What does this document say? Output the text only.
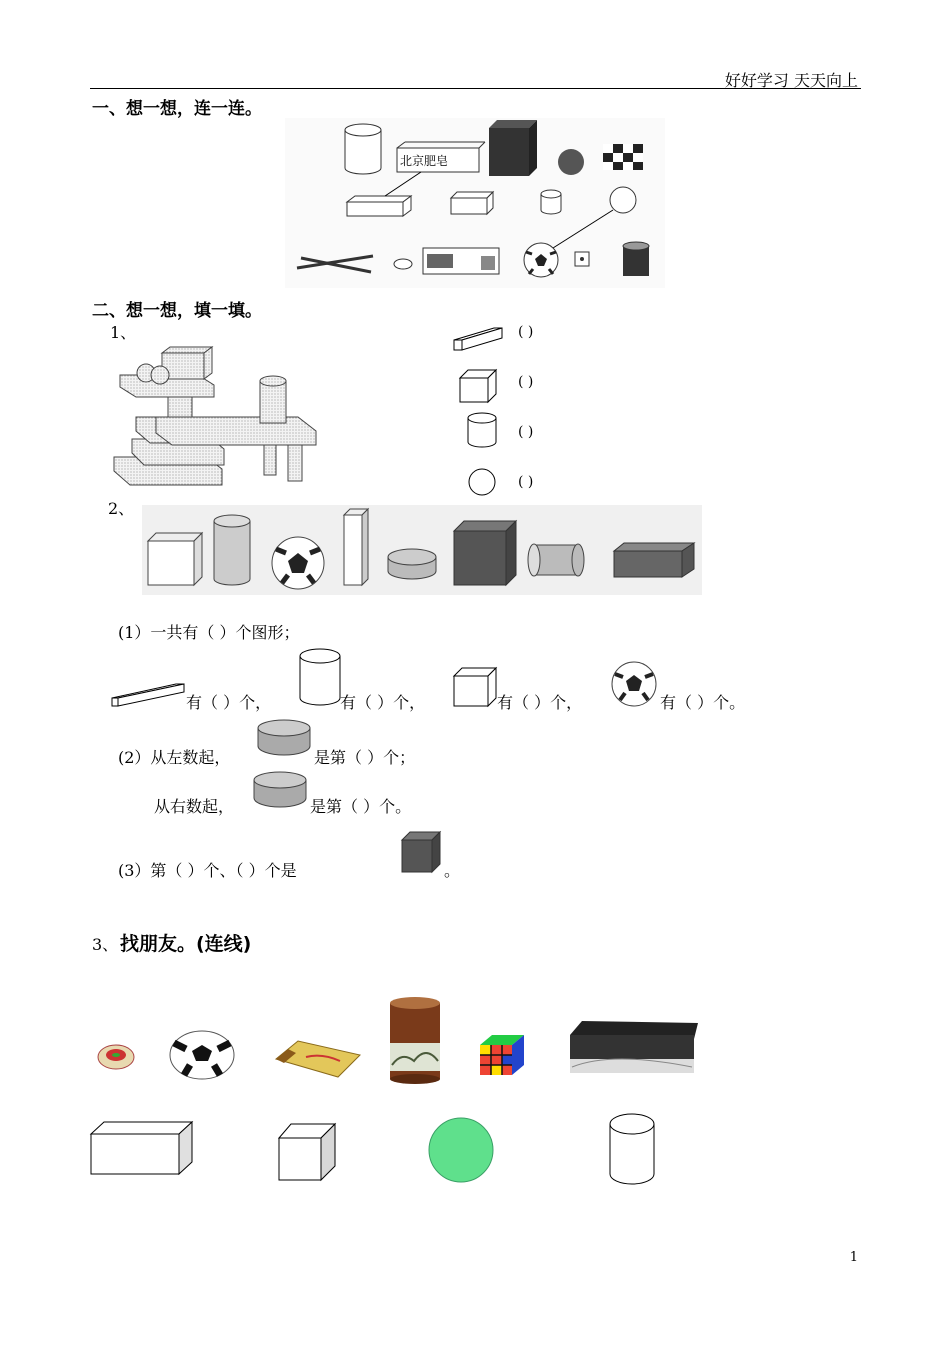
好好学习 天天向上
一、想一想，连一连。
北京肥皂
二、想一想，填一填。
1、	( )
( )
( )
( )
2、
(1）一共有（ ）个图形；
有（ ）个，	有（ ）个，	有（ ）个，	有（ ）个。
(2）从左数起，	是第（ ）个；
从右数起，	是第（ ）个。
(3）第（ ）个、（ ）个是	。
3、 找朋友。(连线)
1
